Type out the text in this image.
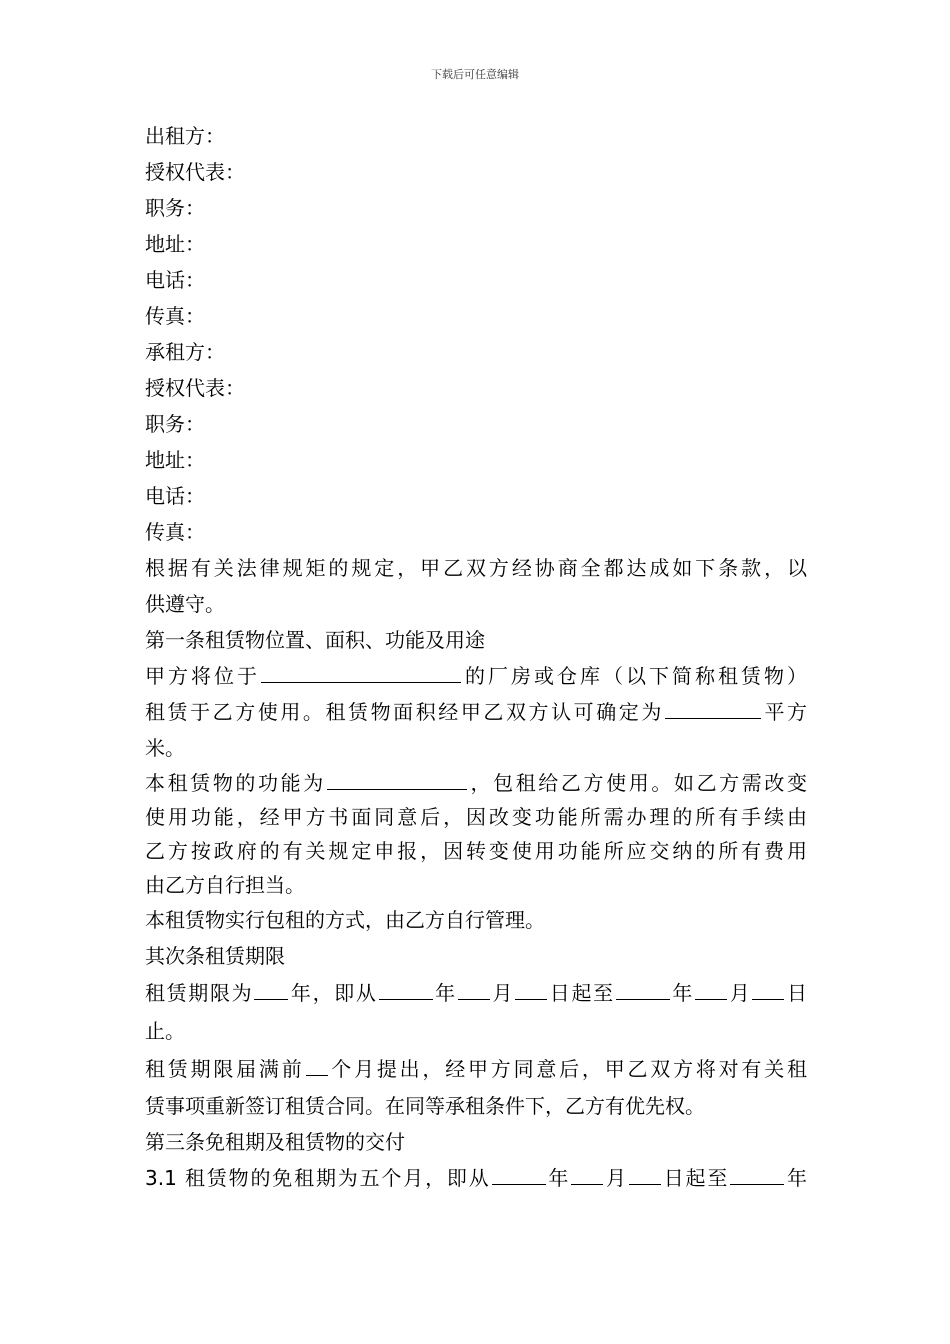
下载后可任意编辑
出租方：
授权代表：
职务：
地址：
电话：
传真：
承租方：
授权代表：
职务：
地址：
电话：
传真：
根据有关法律规矩的规定，甲乙双方经协商全都达成如下条款，以
供遵守。
第一条租赁物位置、面积、功能及用途
甲方将位于	的厂房或仓库（以下简称租赁物）
租赁于乙方使用。租赁物面积经甲乙双方认可确定为	平方
米。
本租赁物的功能为	，包租给乙方使用。如乙方需改变
使用功能，经甲方书面同意后，因改变功能所需办理的所有手续由
乙方按政府的有关规定申报，因转变使用功能所应交纳的所有费用
由乙方自行担当。
本租赁物实行包租的方式，由乙方自行管理。
其次条租赁期限
租赁期限为 年，即从	年 月 日起至	年 月 日
止。
租赁期限届满前 个月提出，经甲方同意后，甲乙双方将对有关租
赁事项重新签订租赁合同。在同等承租条件下，乙方有优先权。
第三条免租期及租赁物的交付
3.1 租赁物的免租期为五个月，即从	年 月 日起至	年
